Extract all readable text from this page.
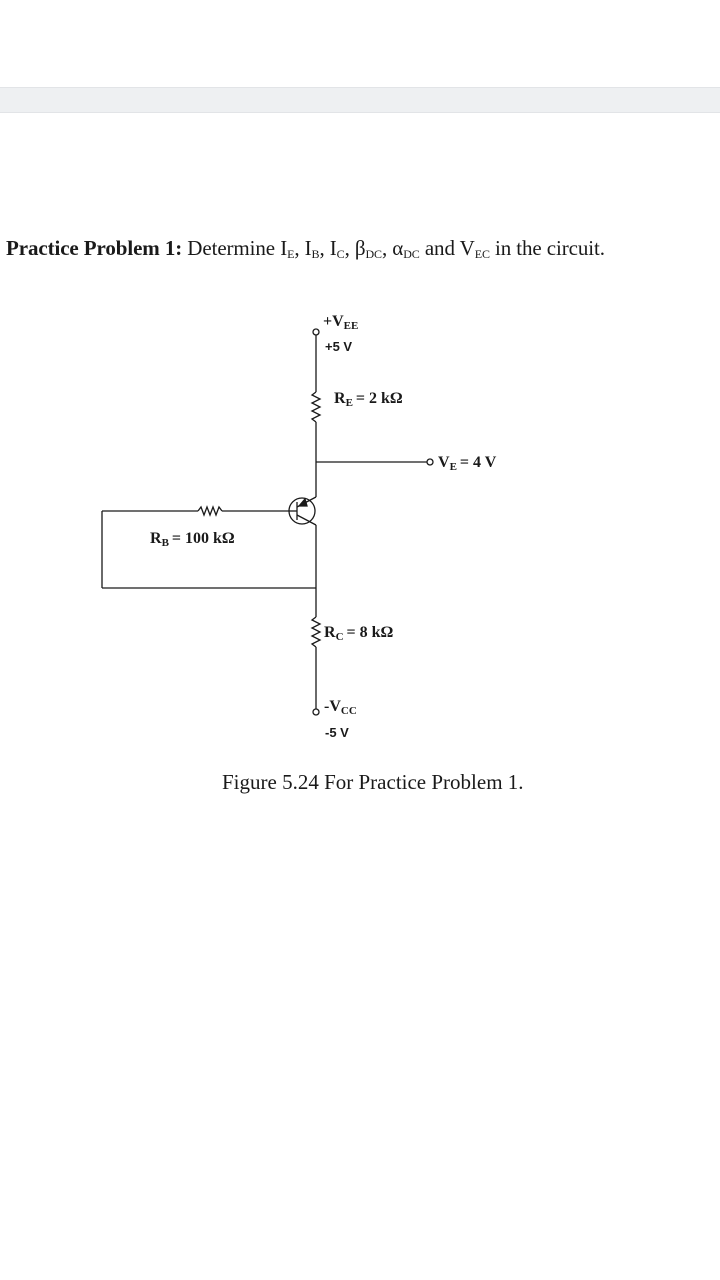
Practice Problem 1: Determine $I_E$, $I_B$, $I_C$, $\beta_{DC}$, $\alpha_{DC}$ and $V_{EC}$ in the circuit.
+VEE
+5 V
RE = 2 kΩ
VE = 4 V
RB = 100 kΩ
RC = 8 kΩ
-VCC
-5 V
Figure 5.24 For Practice Problem 1.
